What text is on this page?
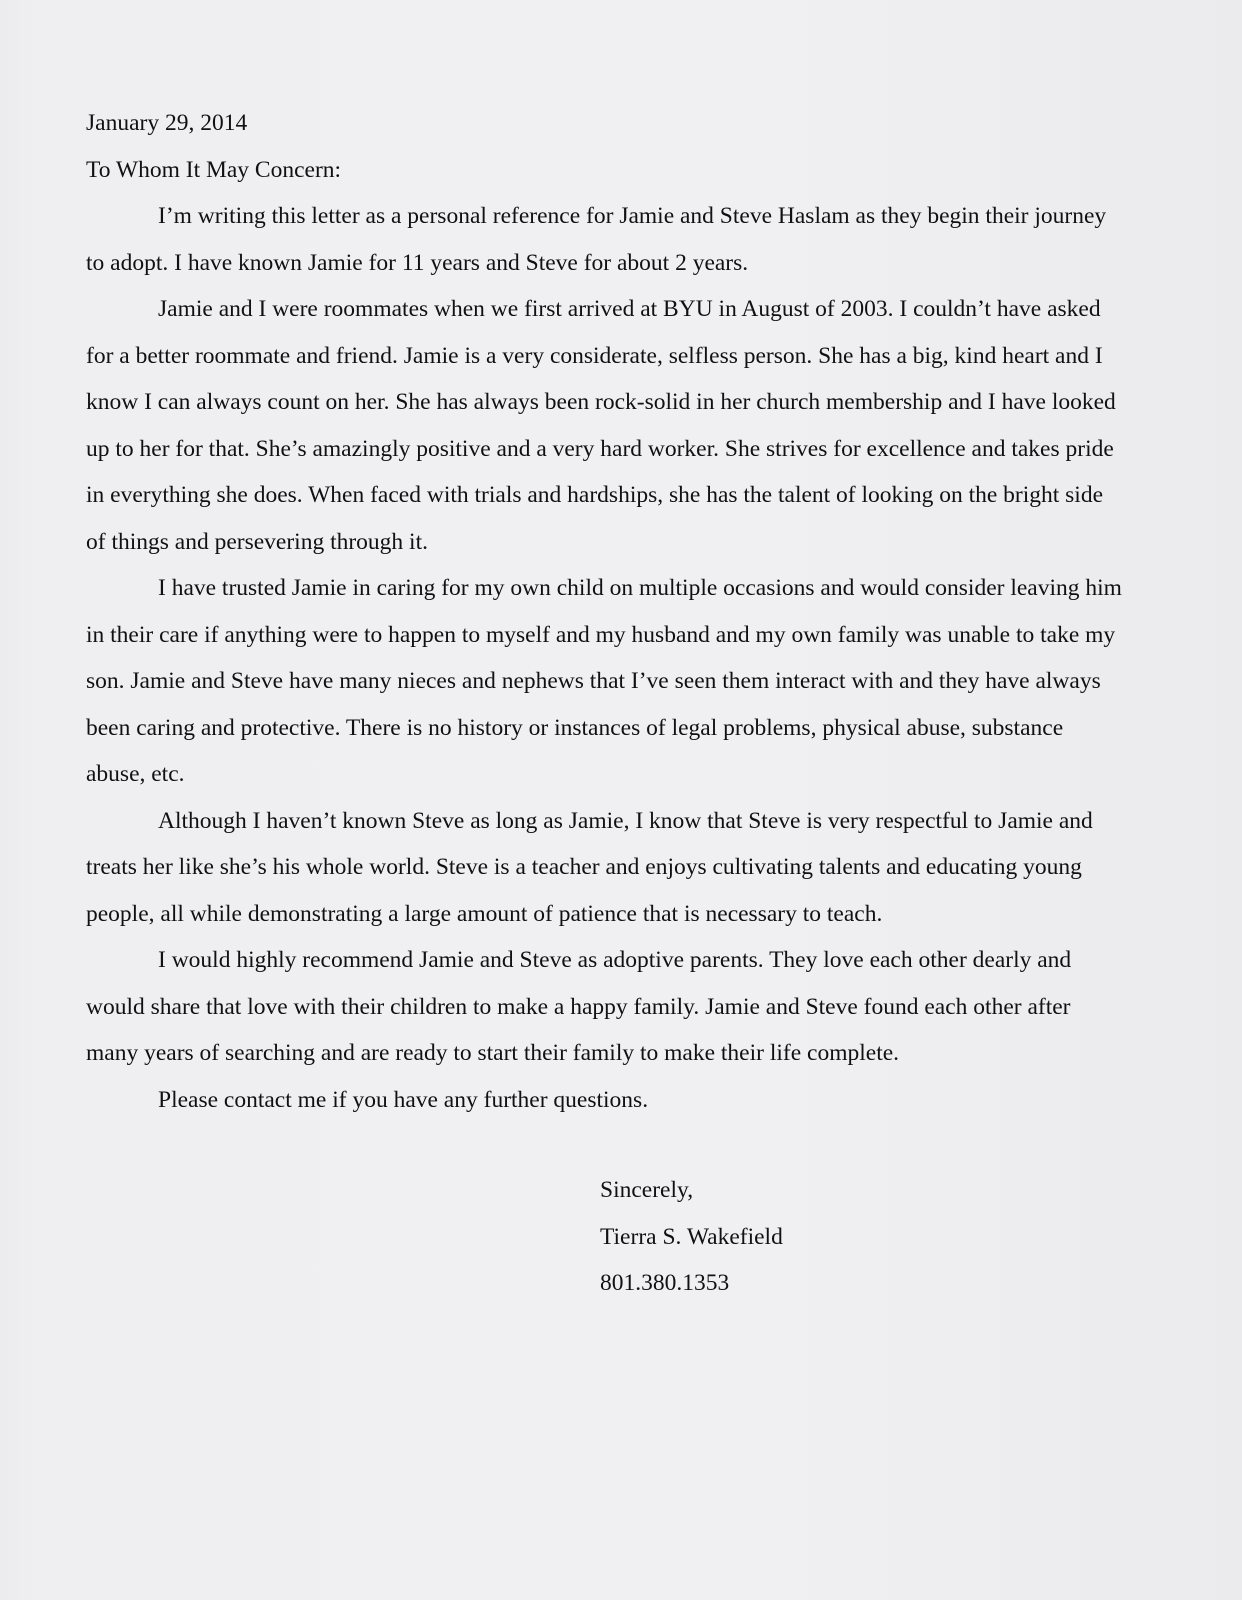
January 29, 2014

To Whom It May Concern:

I’m writing this letter as a personal reference for Jamie and Steve Haslam as they begin their journey to adopt. I have known Jamie for 11 years and Steve for about 2 years.

Jamie and I were roommates when we first arrived at BYU in August of 2003. I couldn’t have asked for a better roommate and friend. Jamie is a very considerate, selfless person. She has a big, kind heart and I know I can always count on her. She has always been rock-solid in her church membership and I have looked up to her for that. She’s amazingly positive and a very hard worker. She strives for excellence and takes pride in everything she does. When faced with trials and hardships, she has the talent of looking on the bright side of things and persevering through it.

I have trusted Jamie in caring for my own child on multiple occasions and would consider leaving him in their care if anything were to happen to myself and my husband and my own family was unable to take my son. Jamie and Steve have many nieces and nephews that I’ve seen them interact with and they have always been caring and protective. There is no history or instances of legal problems, physical abuse, substance abuse, etc.

Although I haven’t known Steve as long as Jamie, I know that Steve is very respectful to Jamie and treats her like she’s his whole world. Steve is a teacher and enjoys cultivating talents and educating young people, all while demonstrating a large amount of patience that is necessary to teach.

I would highly recommend Jamie and Steve as adoptive parents. They love each other dearly and would share that love with their children to make a happy family. Jamie and Steve found each other after many years of searching and are ready to start their family to make their life complete.

Please contact me if you have any further questions.

Sincerely,
Tierra S. Wakefield
801.380.1353
